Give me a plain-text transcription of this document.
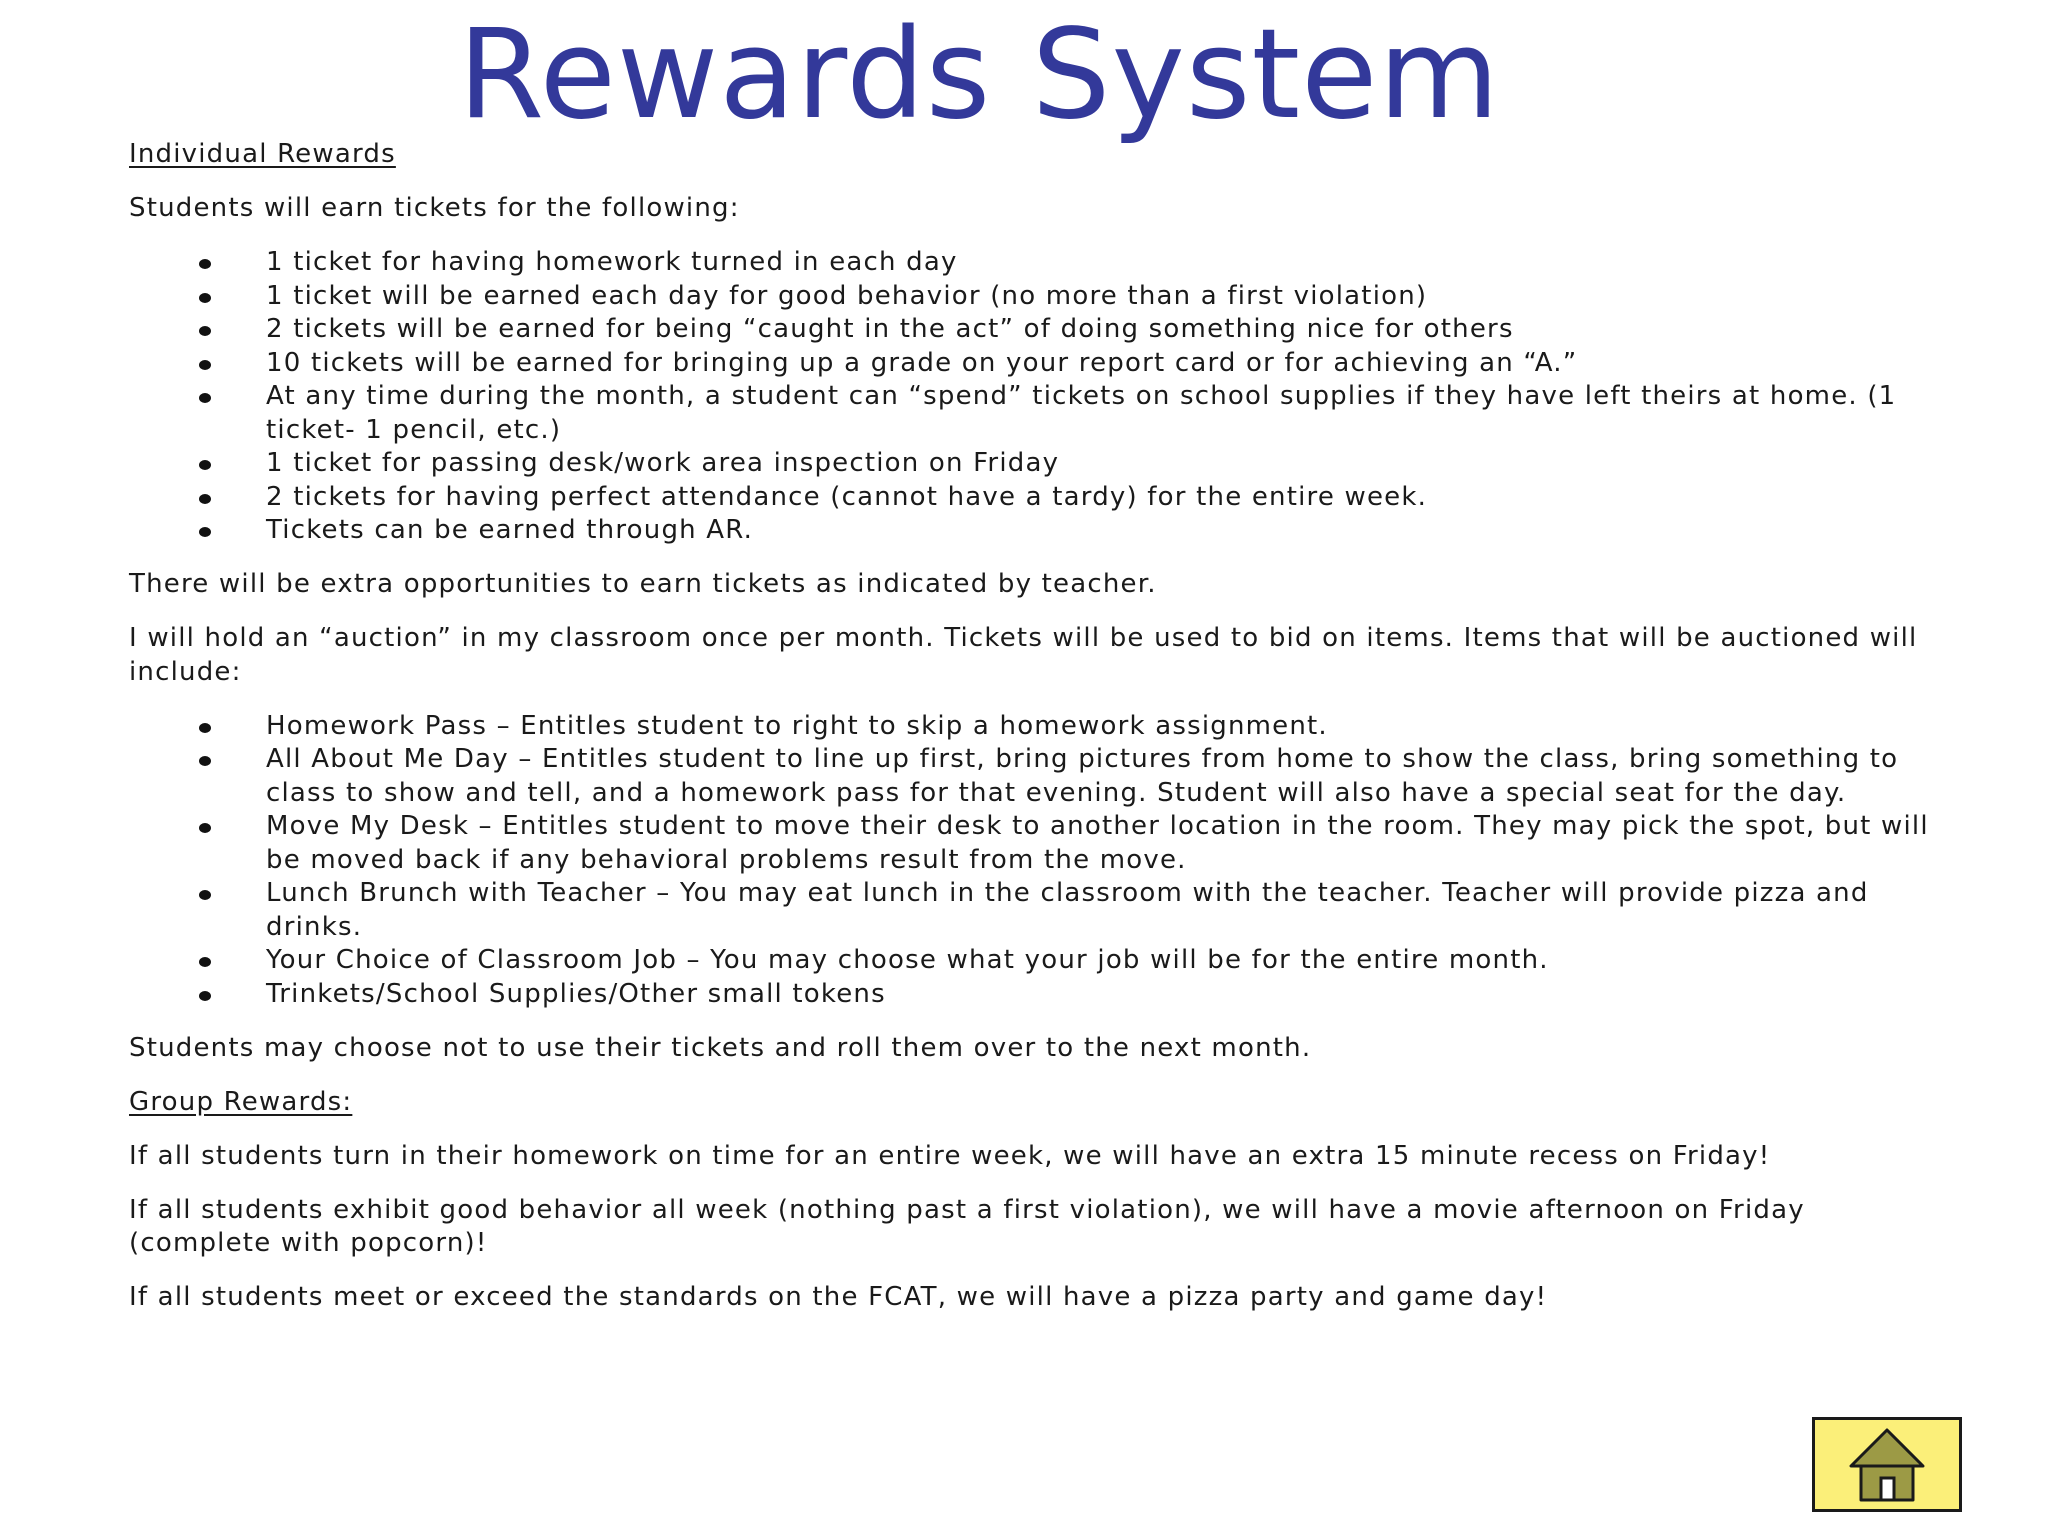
Rewards System

Individual Rewards

Students will earn tickets for the following:

1 ticket for having homework turned in each day
1 ticket will be earned each day for good behavior (no more than a first violation)
2 tickets will be earned for being “caught in the act” of doing something nice for others
10 tickets will be earned for bringing up a grade on your report card or for achieving an “A.”
At any time during the month, a student can “spend” tickets on school supplies if they have left theirs at home. (1 ticket- 1 pencil, etc.)
1 ticket for passing desk/work area inspection on Friday
2 tickets for having perfect attendance (cannot have a tardy) for the entire week.
Tickets can be earned through AR.

There will be extra opportunities to earn tickets as indicated by teacher.

I will hold an “auction” in my classroom once per month. Tickets will be used to bid on items. Items that will be auctioned will include:

Homework Pass – Entitles student to right to skip a homework assignment.
All About Me Day – Entitles student to line up first, bring pictures from home to show the class, bring something to class to show and tell, and a homework pass for that evening. Student will also have a special seat for the day.
Move My Desk – Entitles student to move their desk to another location in the room. They may pick the spot, but will be moved back if any behavioral problems result from the move.
Lunch Brunch with Teacher – You may eat lunch in the classroom with the teacher. Teacher will provide pizza and drinks.
Your Choice of Classroom Job – You may choose what your job will be for the entire month.
Trinkets/School Supplies/Other small tokens

Students may choose not to use their tickets and roll them over to the next month.

Group Rewards:

If all students turn in their homework on time for an entire week, we will have an extra 15 minute recess on Friday!

If all students exhibit good behavior all week (nothing past a first violation), we will have a movie afternoon on Friday (complete with popcorn)!

If all students meet or exceed the standards on the FCAT, we will have a pizza party and game day!
